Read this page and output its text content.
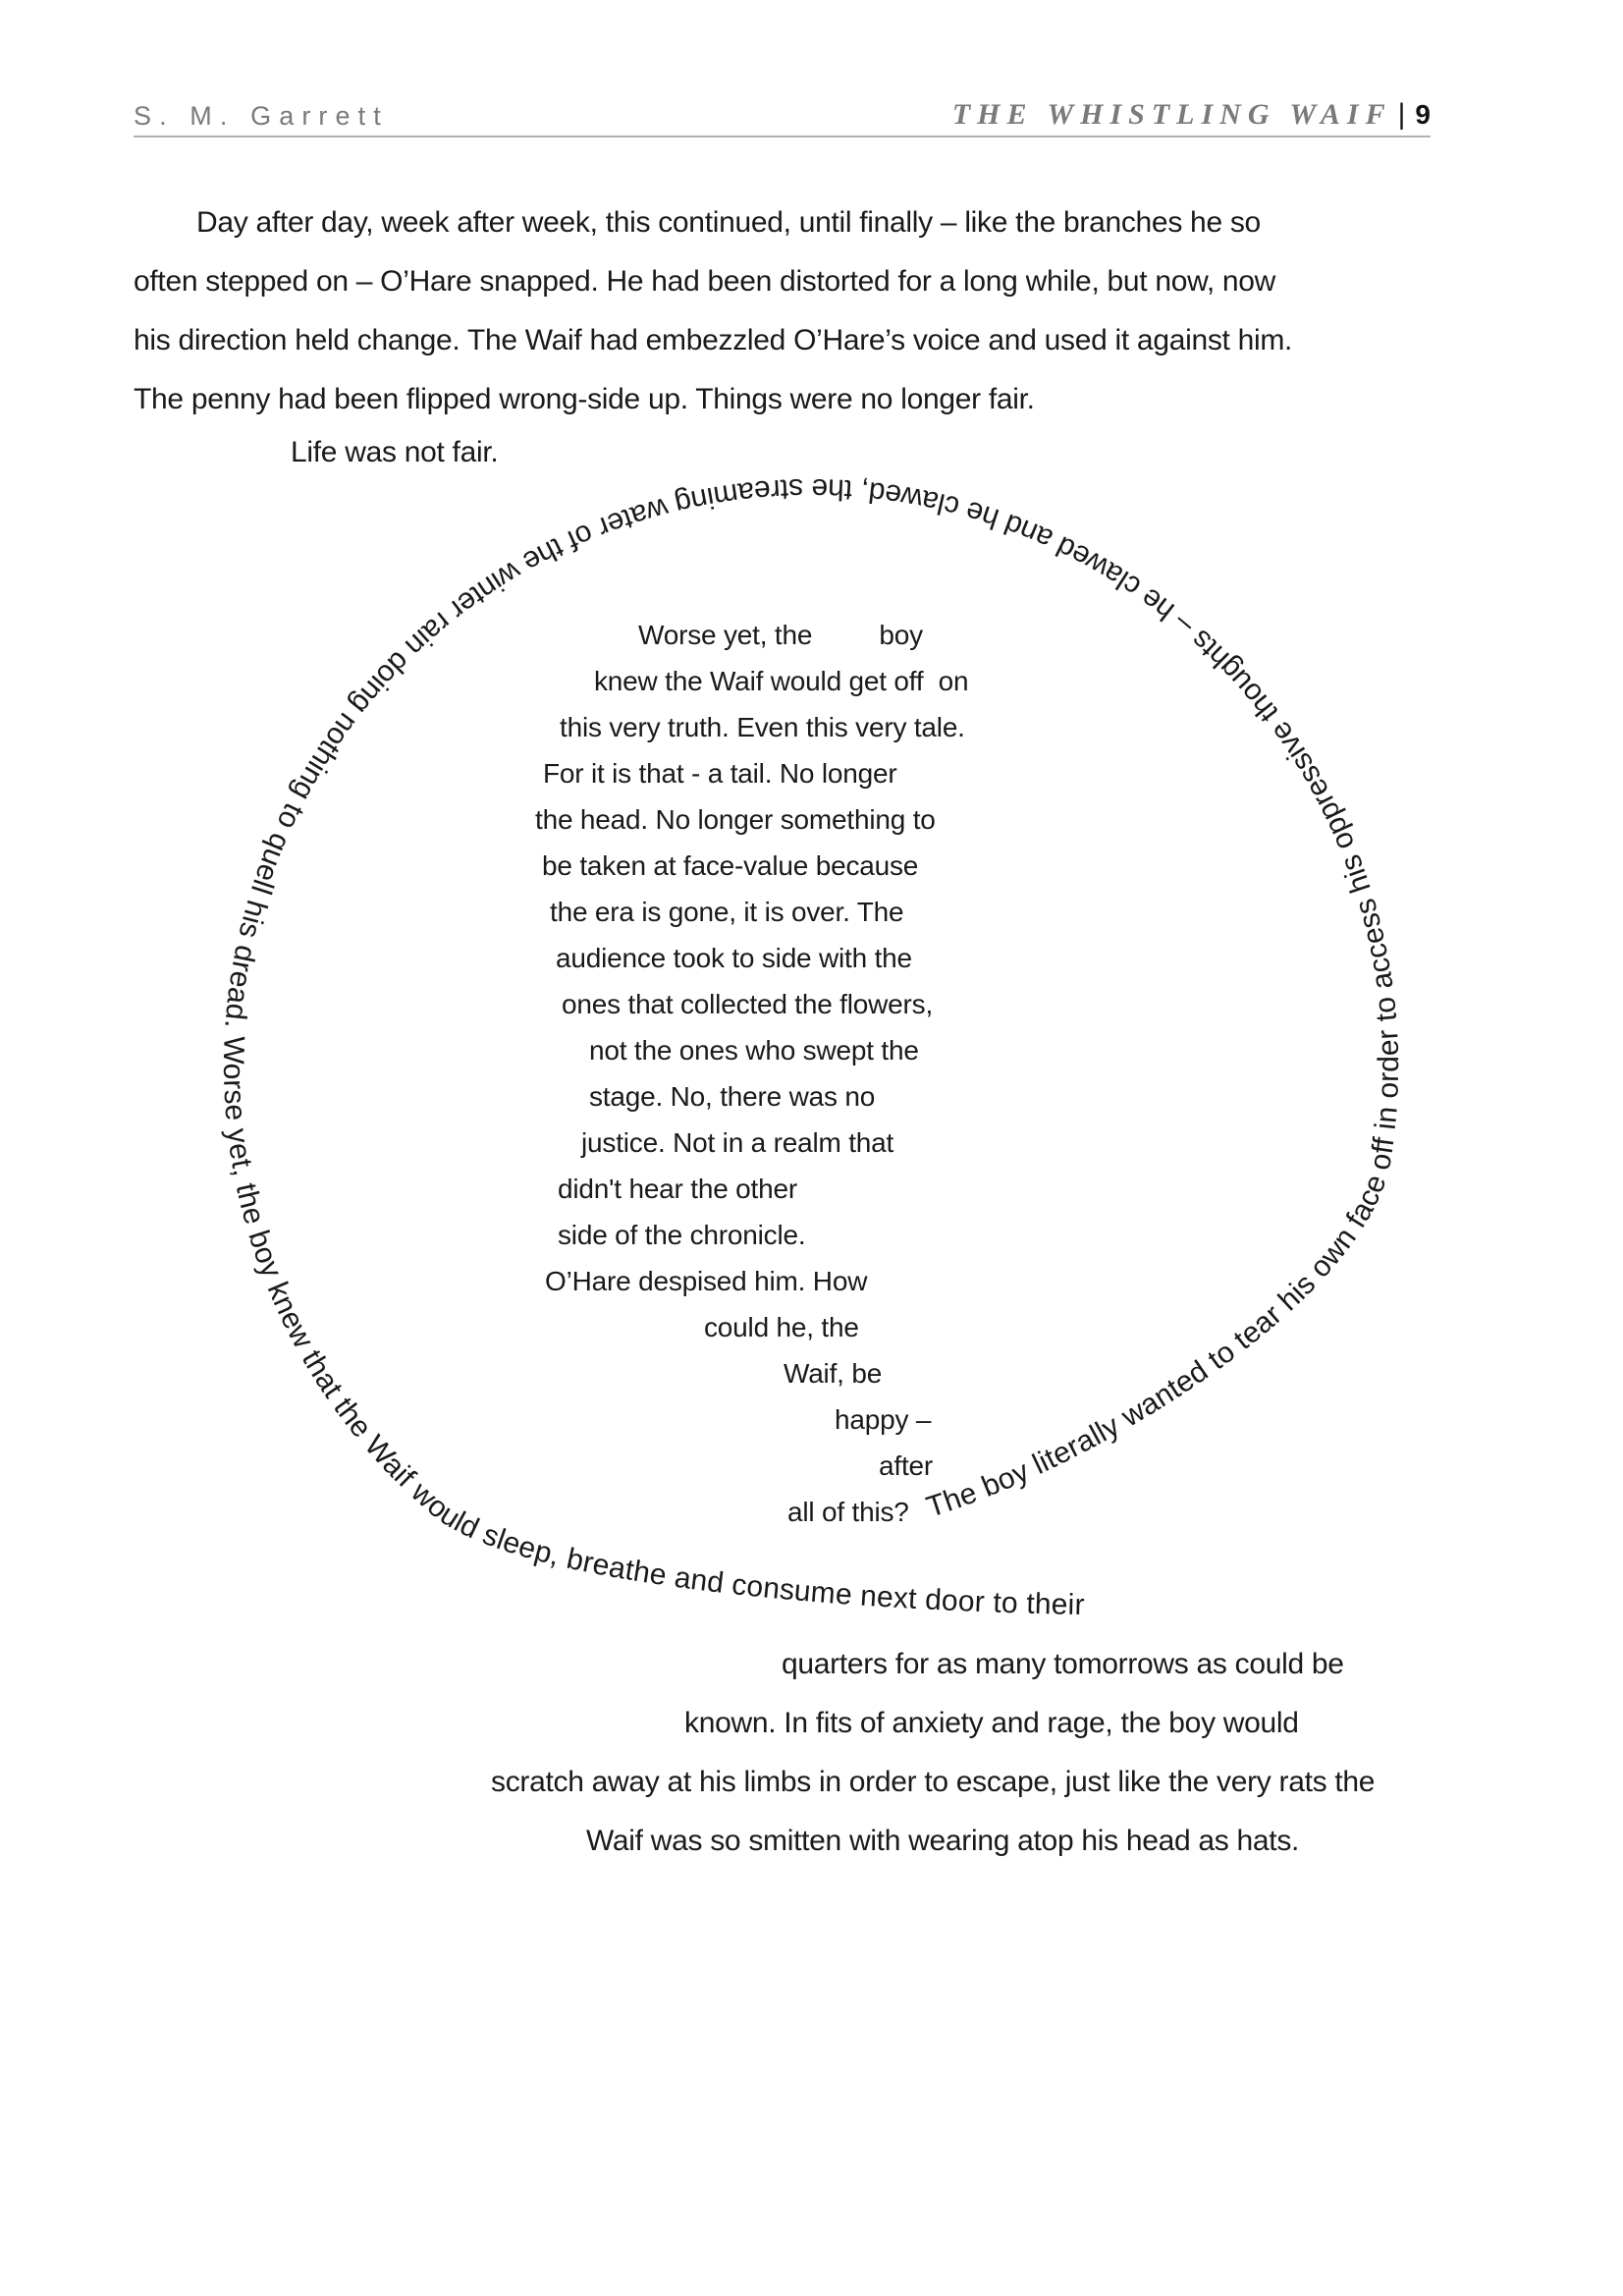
S. M. Garrett	THE WHISTLING WAIF | 9
Day after day, week after week, this continued, until finally – like the branches he so
often stepped on – O’Hare snapped. He had been distorted for a long while, but now, now
his direction held change. The Waif had embezzled O’Hare’s voice and used it against him.
The penny had been flipped wrong-side up. Things were no longer fair.
Life was not fair.
The boy literally wanted to tear his own face off in order to access his oppressive thoughts – he clawed and he clawed, the streaming water of the winter rain doing nothing to quell his dread. Worse yet, the boy knew that the Waif would sleep, breathe and consume next door to their
Worse yet, the         boy
knew the Waif would get off  on
this very truth. Even this very tale.
For it is that - a tail. No longer
the head. No longer something to
be taken at face-value because
the era is gone, it is over. The
audience took to side with the
ones that collected the flowers,
not the ones who swept the
stage. No, there was no
justice. Not in a realm that
didn't hear the other
side of the chronicle.
O’Hare despised him. How
could he, the
Waif, be
happy –
after
all of this?
quarters for as many tomorrows as could be
known. In fits of anxiety and rage, the boy would
scratch away at his limbs in order to escape, just like the very rats the
Waif was so smitten with wearing atop his head as hats.
